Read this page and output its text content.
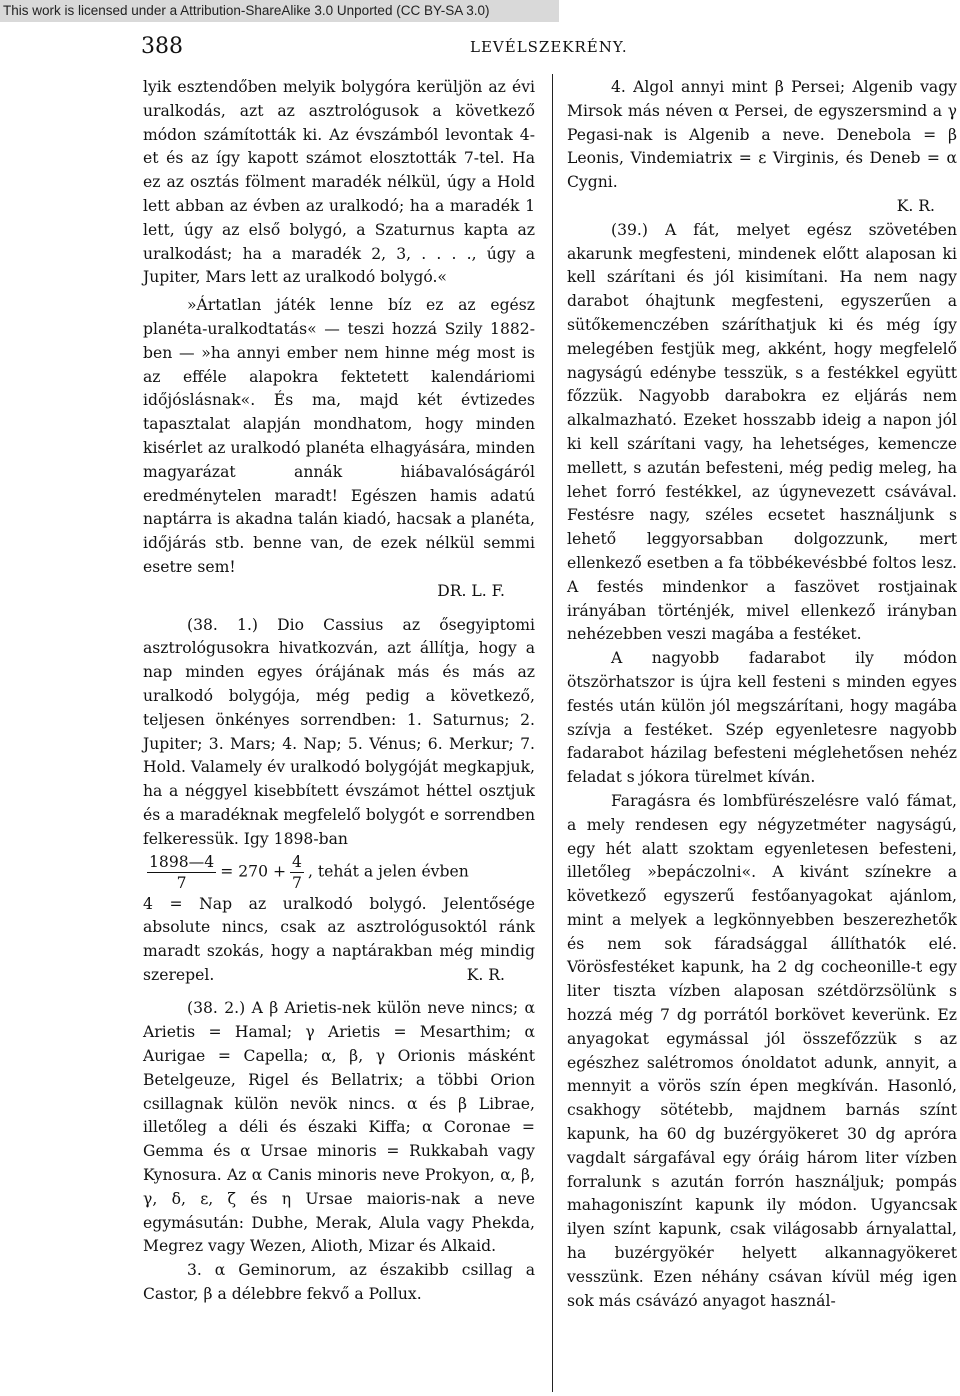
This work is licensed under a Attribution-ShareAlike 3.0 Unported (CC BY-SA 3.0)
388	LEVÉLSZEKRÉNY.

lyik esztendőben melyik bolygóra kerüljön az évi uralkodás, azt az asztrológusok a következő módon számították ki. Az évszámból levontak 4-et és az így kapott számot elosztották 7-tel. Ha ez az osztás fölment maradék nélkül, úgy a Hold lett abban az évben az uralkodó; ha a maradék 1 lett, úgy az első bolygó, a Szaturnus kapta az uralkodást; ha a maradék 2, 3, . . . ., úgy a Jupiter, Mars lett az uralkodó bolygó.«

»Ártatlan játék lenne bíz ez az egész planéta-uralkodtatás« — teszi hozzá Szily 1882-ben — »ha annyi ember nem hinne még most is az efféle alapokra fektetett kalendáriomi időjóslásnak«. És ma, majd két évtizedes tapasztalat alapján mondhatom, hogy minden kisérlet az uralkodó planéta elhagyására, minden magyarázat annák hiábavalóságáról eredménytelen maradt! Egészen hamis adatú naptárra is akadna talán kiadó, hacsak a planéta, időjárás stb. benne van, de ezek nélkül semmi esetre sem!

DR. L. F.

(38. 1.) Dio Cassius az ősegyiptomi asztrológusokra hivatkozván, azt állítja, hogy a nap minden egyes órájának más és más az uralkodó bolygója, még pedig a következő, teljesen önkényes sorrendben: 1. Saturnus; 2. Jupiter; 3. Mars; 4. Nap; 5. Vénus; 6. Merkur; 7. Hold. Valamely év uralkodó bolygóját megkapjuk, ha a néggyel kisebbített évszámot héttel osztjuk és a maradéknak megfelelő bolygót e sorrendben felkeressük. Igy 1898-ban

$\frac{1898—4}{7} = 270 + \frac{4}{7}$ , tehát a jelen évben

4 = Nap az uralkodó bolygó. Jelentősége absolute nincs, csak az asztrológusoktól ránk maradt szokás, hogy a naptárakban még mindig szerepel.	K. R.

(38. 2.) A β Arietis-nek külön neve nincs; α Arietis = Hamal; γ Arietis = Mesarthim; α Aurigae = Capella; α, β, γ Orionis másként Betelgeuze, Rigel és Bellatrix; a többi Orion csillagnak külön nevök nincs. α és β Librae, illetőleg a déli és északi Kiffa; α Coronae = Gemma és α Ursae minoris = Rukkabah vagy Kynosura. Az α Canis minoris neve Prokyon, α, β, γ, δ, ε, ζ és η Ursae maioris-nak a neve egymásután: Dubhe, Merak, Alula vagy Phekda, Megrez vagy Wezen, Alioth, Mizar és Alkaid.

3. α Geminorum, az északibb csillag a Castor, β a délebbre fekvő a Pollux.

4. Algol annyi mint β Persei; Algenib vagy Mirsok más néven α Persei, de egyszersmind a γ Pegasi-nak is Algenib a neve. Denebola = β Leonis, Vindemiatrix = ε Virginis, és Deneb = α Cygni.

K. R.

(39.) A fát, melyet egész szövetében akarunk megfesteni, mindenek előtt alaposan ki kell szárítani és jól kisimítani. Ha nem nagy darabot óhajtunk megfesteni, egyszerűen a sütőkemenczében száríthatjuk ki és még így melegében festjük meg, akként, hogy megfelelő nagyságú edénybe tesszük, s a festékkel együtt főzzük. Nagyobb darabokra ez eljárás nem alkalmazható. Ezeket hosszabb ideig a napon jól ki kell szárítani vagy, ha lehetséges, kemencze mellett, s azután befesteni, még pedig meleg, ha lehet forró festékkel, az úgynevezett csávával. Festésre nagy, széles ecsetet használjunk s lehető leggyorsabban dolgozzunk, mert ellenkező esetben a fa többékevésbbé foltos lesz. A festés mindenkor a faszövet rostjainak irányában történjék, mivel ellenkező irányban nehézebben veszi magába a festéket.

A nagyobb fadarabot ily módon ötszörhatszor is újra kell festeni s minden egyes festés után külön jól megszárítani, hogy magába szívja a festéket. Szép egyenletesre nagyobb fadarabot házilag befesteni méglehetősen nehéz feladat s jókora türelmet kíván.

Faragásra és lombfürészelésre való fámat, a mely rendesen egy négyzetméter nagyságú, egy hét alatt szoktam egyenletesen befesteni, illetőleg »bepáczolni«. A kivánt színekre a következő egyszerű festőanyagokat ajánlom, mint a melyek a legkönnyebben beszerezhetők és nem sok fáradsággal állíthatók elé. Vörösfestéket kapunk, ha 2 dg cocheonille-t egy liter tiszta vízben alaposan szétdörzsölünk s hozzá még 7 dg porrától borkövet keverünk. Ez anyagokat egymással jól összefőzzük s az egészhez salétromos ónoldatot adunk, annyit, a mennyit a vörös szín épen megkíván. Hasonló, csakhogy sötétebb, majdnem barnás színt kapunk, ha 60 dg buzérgyökeret 30 dg apróra vagdalt sárgafával egy óráig három liter vízben forralunk s azután forrón használjuk; pompás mahagoniszínt kapunk ily módon. Ugyancsak ilyen színt kapunk, csak világosabb árnyalattal, ha buzérgyökér helyett alkannagyökeret vesszünk. Ezen néhány csávan kívül még igen sok más csávázó anyagot használ-
